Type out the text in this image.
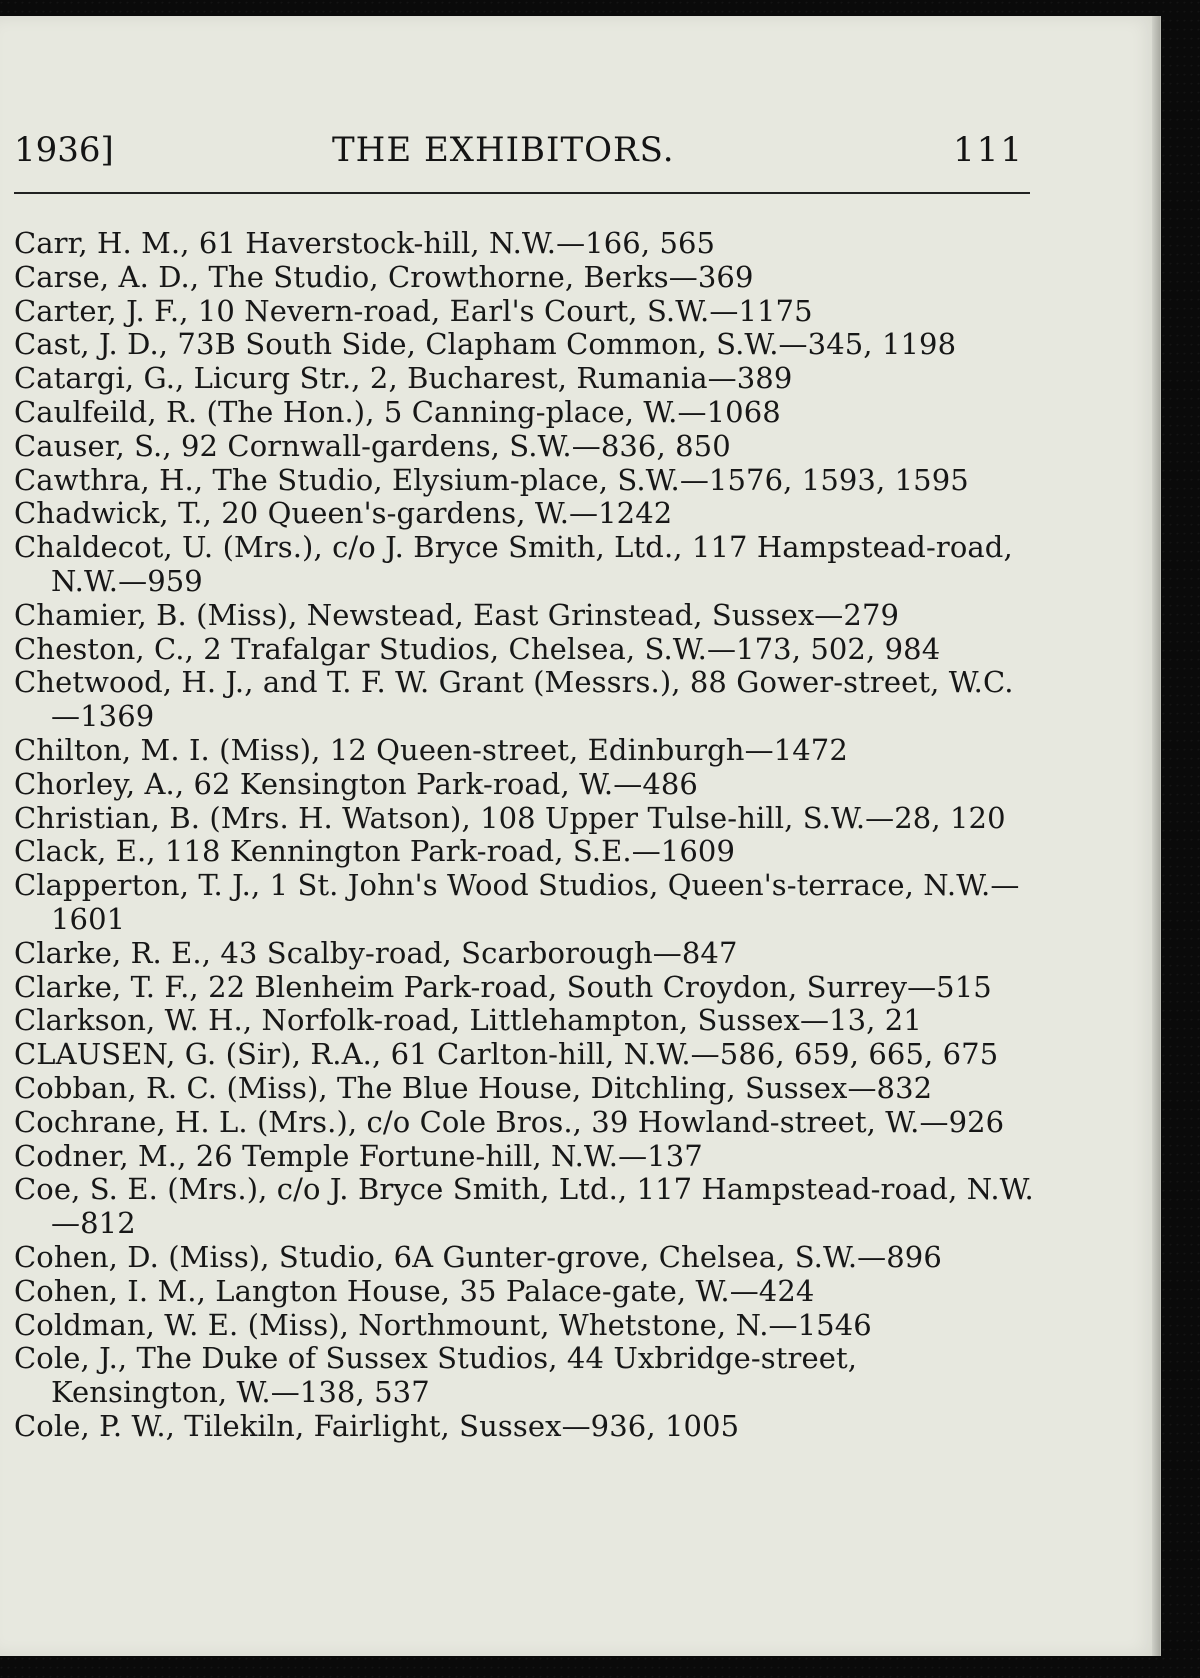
1936]	THE EXHIBITORS.	111
Carr, H. M., 61 Haverstock-hill, N.W.—166, 565
Carse, A. D., The Studio, Crowthorne, Berks—369
Carter, J. F., 10 Nevern-road, Earl's Court, S.W.—1175
Cast, J. D., 73B South Side, Clapham Common, S.W.—345, 1198
Catargi, G., Licurg Str., 2, Bucharest, Rumania—389
Caulfeild, R. (The Hon.), 5 Canning-place, W.—1068
Causer, S., 92 Cornwall-gardens, S.W.—836, 850
Cawthra, H., The Studio, Elysium-place, S.W.—1576, 1593, 1595
Chadwick, T., 20 Queen's-gardens, W.—1242
Chaldecot, U. (Mrs.), c/o J. Bryce Smith, Ltd., 117 Hampstead-road, N.W.—959
Chamier, B. (Miss), Newstead, East Grinstead, Sussex—279
Cheston, C., 2 Trafalgar Studios, Chelsea, S.W.—173, 502, 984
Chetwood, H. J., and T. F. W. Grant (Messrs.), 88 Gower-street, W.C.—1369
Chilton, M. I. (Miss), 12 Queen-street, Edinburgh—1472
Chorley, A., 62 Kensington Park-road, W.—486
Christian, B. (Mrs. H. Watson), 108 Upper Tulse-hill, S.W.—28, 120
Clack, E., 118 Kennington Park-road, S.E.—1609
Clapperton, T. J., 1 St. John's Wood Studios, Queen's-terrace, N.W.—1601
Clarke, R. E., 43 Scalby-road, Scarborough—847
Clarke, T. F., 22 Blenheim Park-road, South Croydon, Surrey—515
Clarkson, W. H., Norfolk-road, Littlehampton, Sussex—13, 21
CLAUSEN, G. (Sir), R.A., 61 Carlton-hill, N.W.—586, 659, 665, 675
Cobban, R. C. (Miss), The Blue House, Ditchling, Sussex—832
Cochrane, H. L. (Mrs.), c/o Cole Bros., 39 Howland-street, W.—926
Codner, M., 26 Temple Fortune-hill, N.W.—137
Coe, S. E. (Mrs.), c/o J. Bryce Smith, Ltd., 117 Hampstead-road, N.W.—812
Cohen, D. (Miss), Studio, 6A Gunter-grove, Chelsea, S.W.—896
Cohen, I. M., Langton House, 35 Palace-gate, W.—424
Coldman, W. E. (Miss), Northmount, Whetstone, N.—1546
Cole, J., The Duke of Sussex Studios, 44 Uxbridge-street, Kensington, W.—138, 537
Cole, P. W., Tilekiln, Fairlight, Sussex—936, 1005
